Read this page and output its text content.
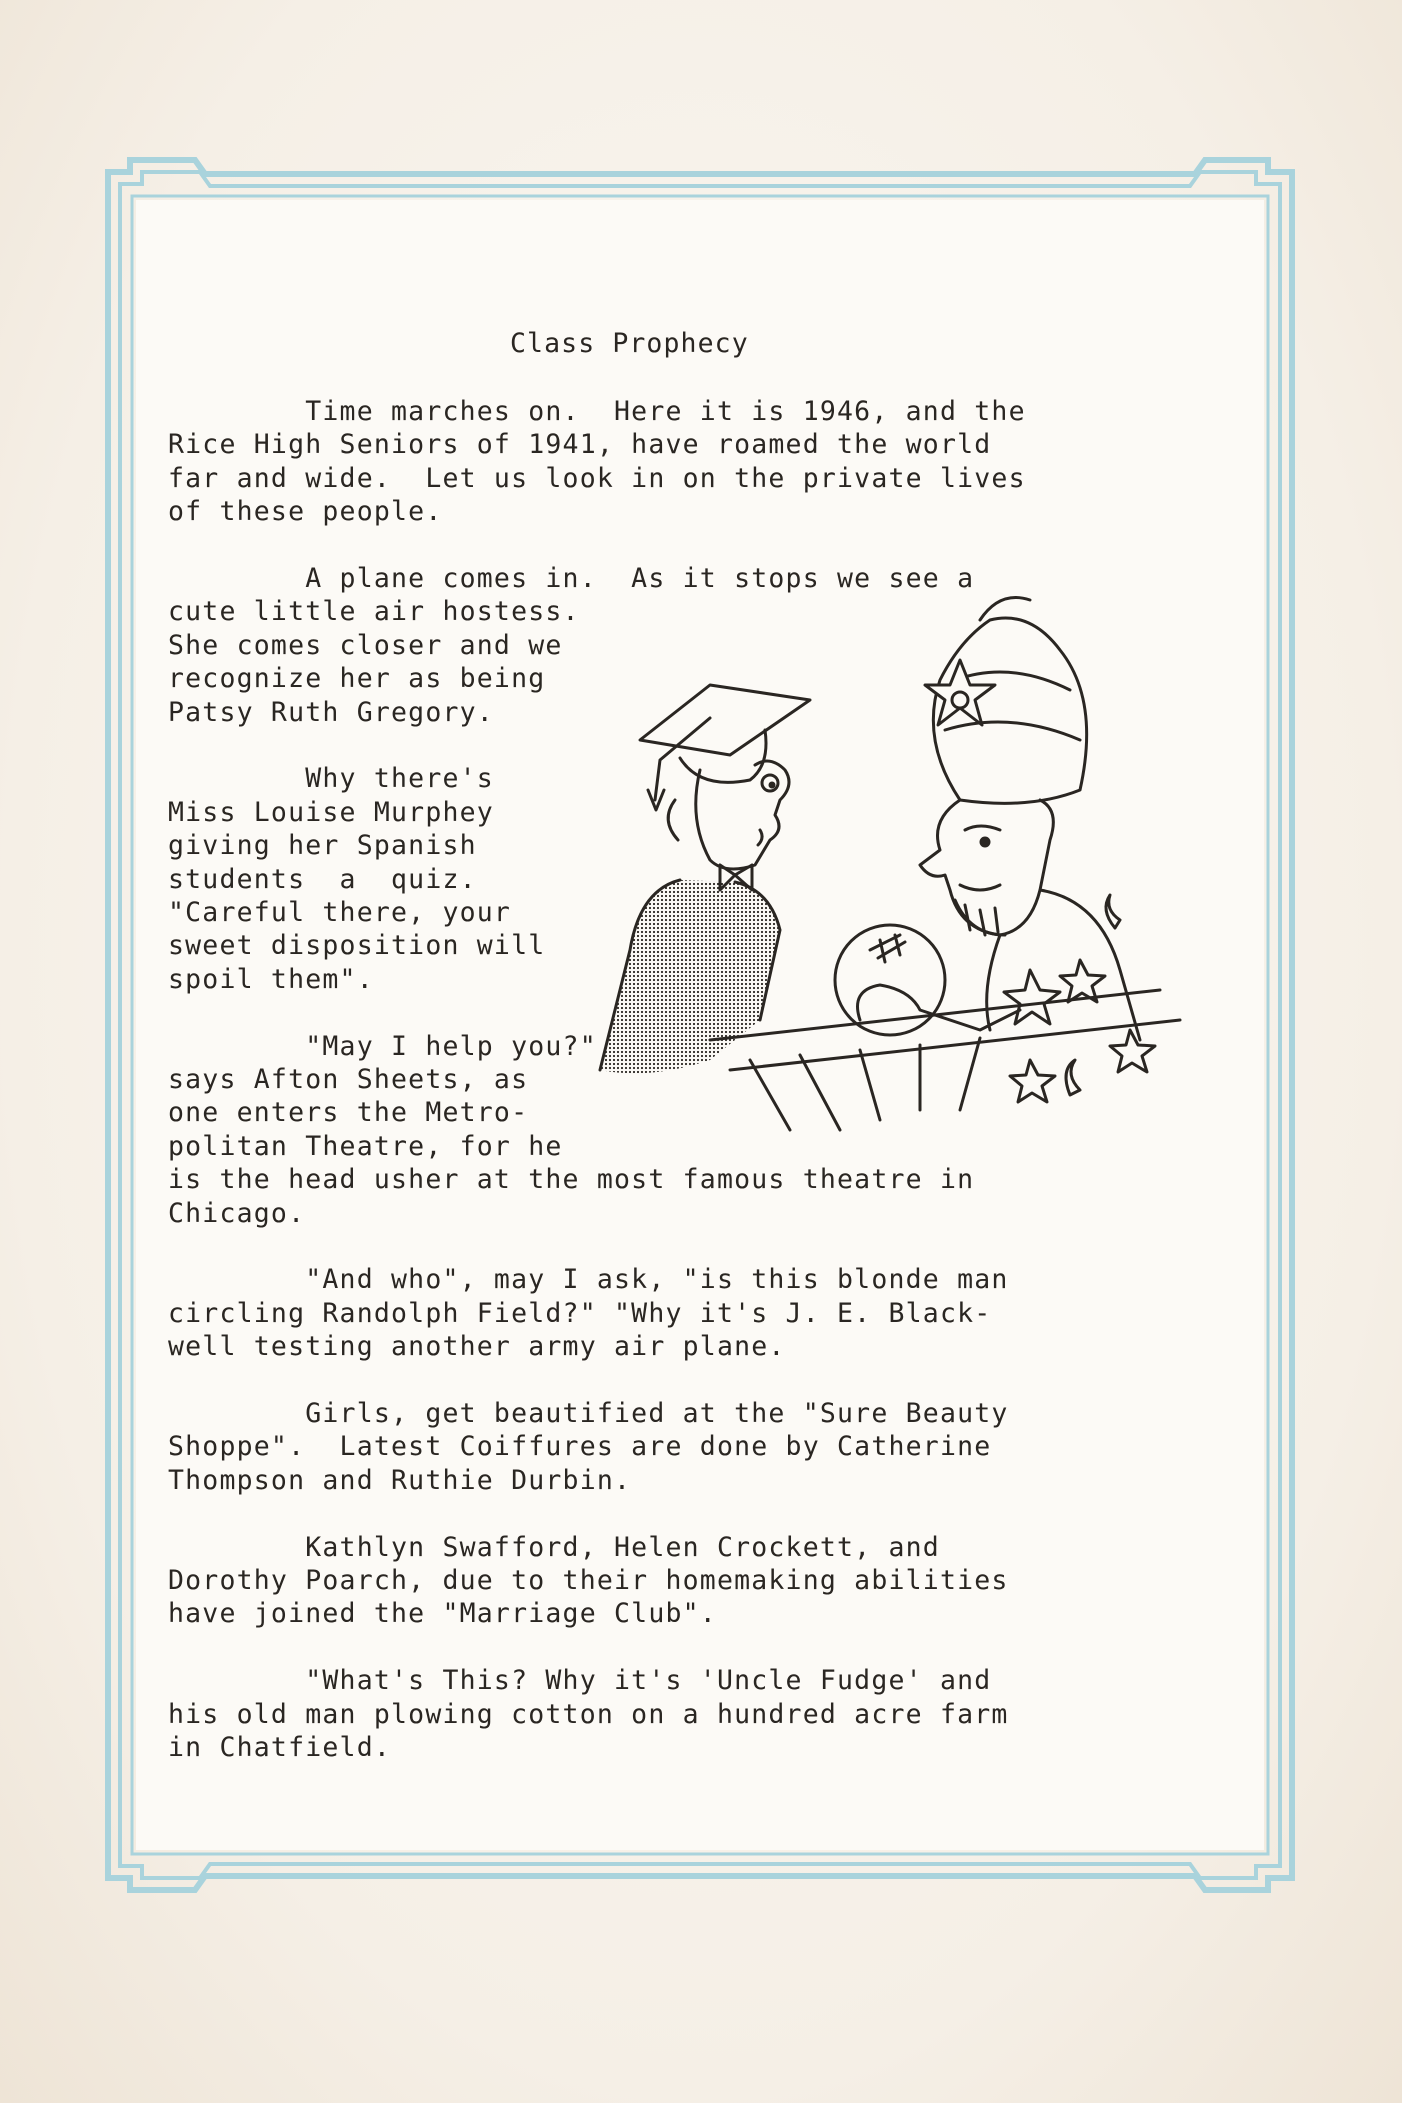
Class Prophecy
Time marches on.  Here it is 1946, and the
Rice High Seniors of 1941, have roamed the world
far and wide.  Let us look in on the private lives
of these people.
A plane comes in.  As it stops we see a
cute little air hostess.
She comes closer and we
recognize her as being
Patsy Ruth Gregory.
Why there's
Miss Louise Murphey
giving her Spanish
students  a  quiz.
"Careful there, your
sweet disposition will
spoil them".
"May I help you?"
says Afton Sheets, as
one enters the Metro-
politan Theatre, for he
is the head usher at the most famous theatre in
Chicago.
"And who", may I ask, "is this blonde man
circling Randolph Field?" "Why it's J. E. Black-
well testing another army air plane.
Girls, get beautified at the "Sure Beauty
Shoppe".  Latest Coiffures are done by Catherine
Thompson and Ruthie Durbin.
Kathlyn Swafford, Helen Crockett, and
Dorothy Poarch, due to their homemaking abilities
have joined the "Marriage Club".
"What's This? Why it's 'Uncle Fudge' and
his old man plowing cotton on a hundred acre farm
in Chatfield.
